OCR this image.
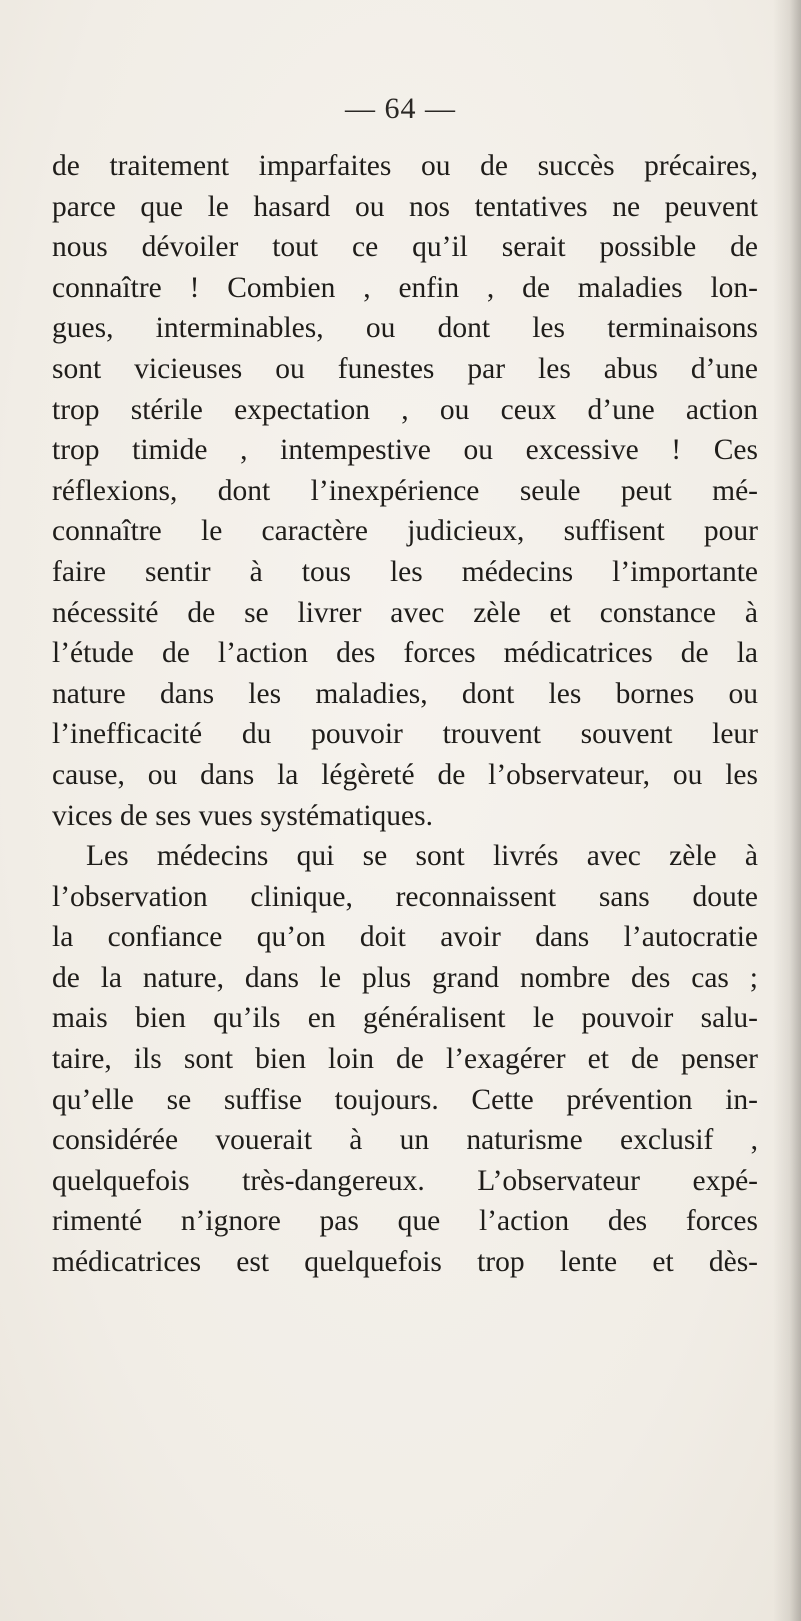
— 64 —
de traitement imparfaites ou de succès précaires,
parce que le hasard ou nos tentatives ne peuvent
nous dévoiler tout ce qu’il serait possible de
connaître ! Combien , enfin , de maladies lon-
gues, interminables, ou dont les terminaisons
sont vicieuses ou funestes par les abus d’une
trop stérile expectation , ou ceux d’une action
trop timide , intempestive ou excessive ! Ces
réflexions, dont l’inexpérience seule peut mé-
connaître le caractère judicieux, suffisent pour
faire sentir à tous les médecins l’importante
nécessité de se livrer avec zèle et constance à
l’étude de l’action des forces médicatrices de la
nature dans les maladies, dont les bornes ou
l’inefficacité du pouvoir trouvent souvent leur
cause, ou dans la légèreté de l’observateur, ou les
vices de ses vues systématiques.
Les médecins qui se sont livrés avec zèle à
l’observation clinique, reconnaissent sans doute
la confiance qu’on doit avoir dans l’autocratie
de la nature, dans le plus grand nombre des cas ;
mais bien qu’ils en généralisent le pouvoir salu-
taire, ils sont bien loin de l’exagérer et de penser
qu’elle se suffise toujours. Cette prévention in-
considérée vouerait à un naturisme exclusif ,
quelquefois très-dangereux. L’observateur expé-
rimenté n’ignore pas que l’action des forces
médicatrices est quelquefois trop lente et dès-
